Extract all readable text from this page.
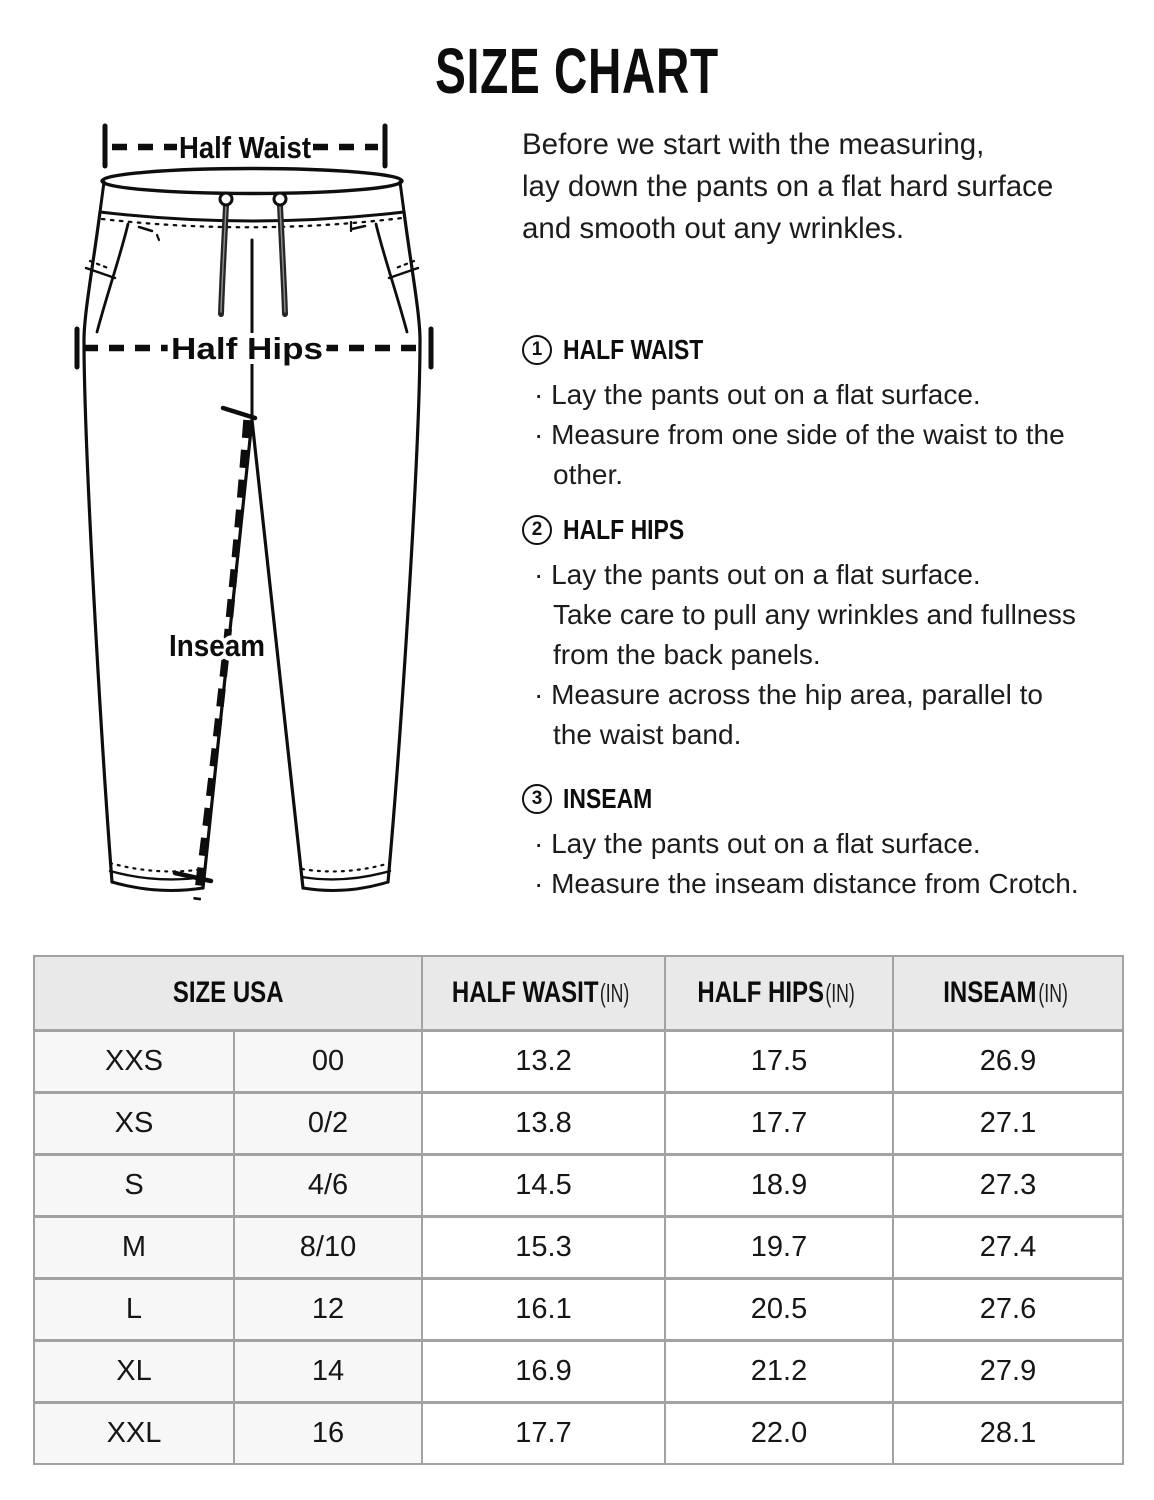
SIZE CHART
Half Waist
Half Hips
Inseam
Before we start with the measuring,
lay down the pants on a flat hard surface
and smooth out any wrinkles.
1 HALF WAIST
· Lay the pants out on a flat surface.
· Measure from one side of the waist to the
other.
2 HALF HIPS
· Lay the pants out on a flat surface.
Take care to pull any wrinkles and fullness
from the back panels.
· Measure across the hip area, parallel to
the waist band.
3 INSEAM
· Lay the pants out on a flat surface.
· Measure the inseam distance from Crotch.
SIZE USA	HALF WASIT(IN) HALF HIPS(IN)	INSEAM(IN)
XXS	00	13.2	17.5	26.9
XS	0/2	13.8	17.7	27.1
S	4/6	14.5	18.9	27.3
M	8/10	15.3	19.7	27.4
L	12	16.1	20.5	27.6
XL	14	16.9	21.2	27.9
XXL	16	17.7	22.0	28.1
